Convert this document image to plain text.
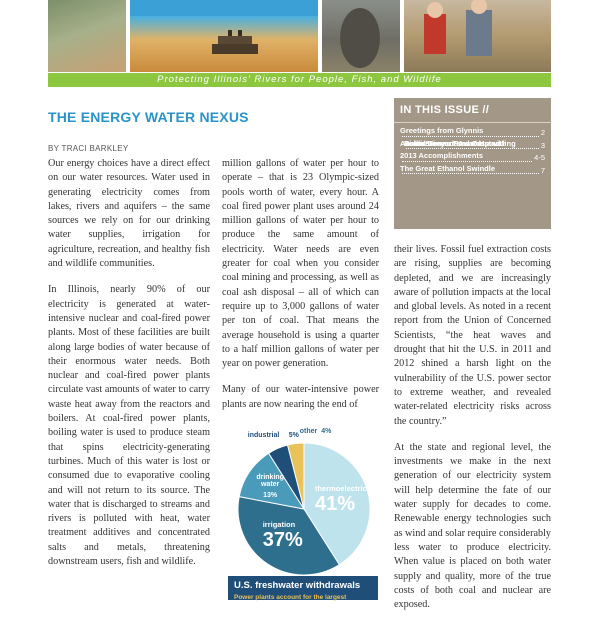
Protecting Illinois' Rivers for People, Fish, and Wildlife
THE ENERGY WATER NEXUS
BY TRACI BARKLEY

Our energy choices have a direct effect on our water resources. Water used in generating electricity comes from lakes, rivers and aquifers – the same sources we rely on for our drinking water supplies, irrigation for agriculture, recreation, and healthy fish and wildlife communities.

In Illinois, nearly 90% of our electricity is generated at water-intensive nuclear and coal-fired power plants. Most of these facilities are built along large bodies of water because of their enormous water needs. Both nuclear and coal-fired power plants circulate vast amounts of water to carry waste heat away from the reactors and boilers. At coal-fired power plants, boiling water is used to produce steam that spins electricity-generating turbines. Much of this water is lost or consumed due to evaporative cooling and will not return to its source. The water that is discharged to streams and rivers is polluted with heat, water treatment additives and concentrated salts and metals, threatening downstream users, fish and wildlife.

million gallons of water per hour to operate – that is 23 Olympic-sized pools worth of water, every hour. A coal fired power plant uses around 24 million gallons of water per hour to produce the same amount of electricity. Water needs are even greater for coal when you consider coal mining and processing, as well as coal ash disposal – all of which can require up to 3,000 gallons of water per ton of coal. That means the average household is using a quarter to a half million gallons of water per year on power generation.

Many of our water-intensive power plants are now nearing the end of

IN THIS ISSUE //
Greetings from Glynnis	2
Annual Dinner Round Up with
River Steward and Outstanding
Public Servant Awards and
Dollarcracy	3
2013 Accomplishments	4-5
The Great Ethanol Swindle	7

their lives. Fossil fuel extraction costs are rising, supplies are becoming depleted, and we are increasingly aware of pollution impacts at the local and global levels. As noted in a recent report from the Union of Concerned Scientists, “the heat waves and drought that hit the U.S. in 2011 and 2012 shined a harsh light on the vulnerability of the U.S. power sector to extreme weather, and revealed water-related electricity risks across the country.”

At the state and regional level, the investments we make in the next generation of our electricity system will help determine the fate of our water supply for decades to come. Renewable energy technologies such as wind and solar require considerably less water to produce electricity. When value is placed on both water supply and quality, more of the true costs of both coal and nuclear are exposed.

U.S. freshwater withdrawals
Power plants account for the largest
thermoelectric
41%
irrigation
37%
drinking water
13%
industrial 5%
other 4%
